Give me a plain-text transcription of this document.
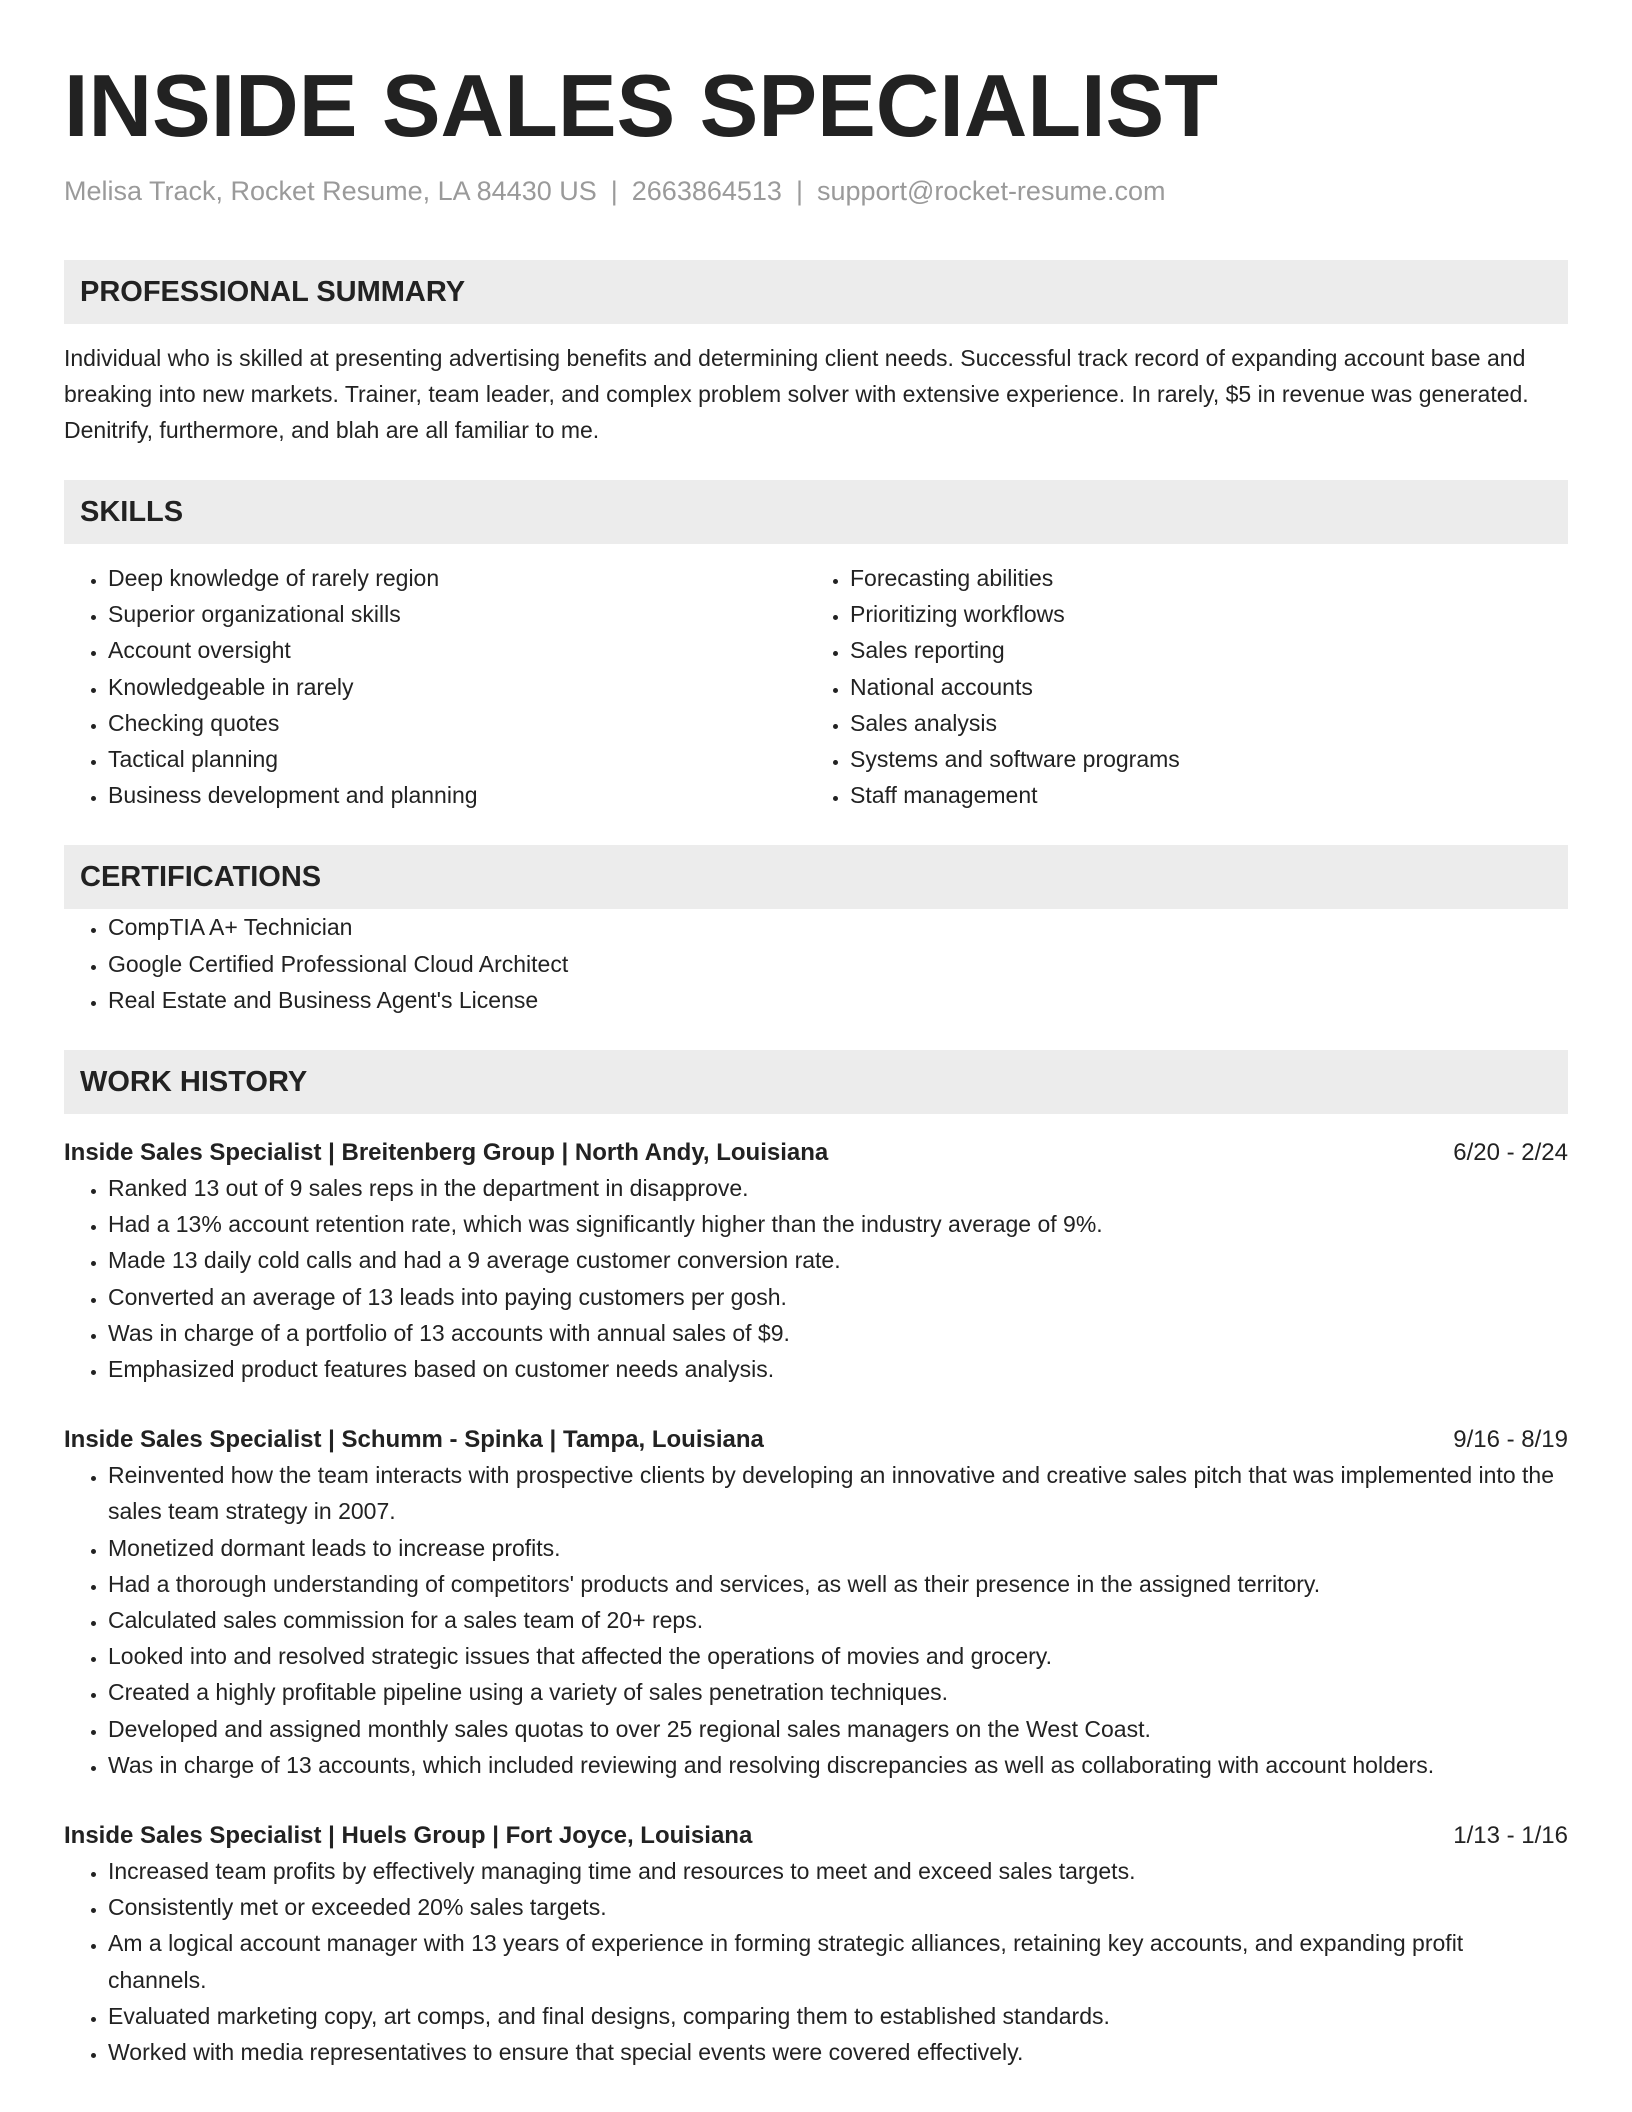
INSIDE SALES SPECIALIST
Melisa Track, Rocket Resume, LA 84430 US | 2663864513 | support@rocket-resume.com
PROFESSIONAL SUMMARY

Individual who is skilled at presenting advertising benefits and determining client needs. Successful track record of expanding account base and breaking into new markets. Trainer, team leader, and complex problem solver with extensive experience. In rarely, $5 in revenue was generated. Denitrify, furthermore, and blah are all familiar to me.

SKILLS
• Deep knowledge of rarely region
• Superior organizational skills
• Account oversight
• Knowledgeable in rarely
• Checking quotes
• Tactical planning
• Business development and planning
• Forecasting abilities
• Prioritizing workflows
• Sales reporting
• National accounts
• Sales analysis
• Systems and software programs
• Staff management
CERTIFICATIONS
• CompTIA A+ Technician
• Google Certified Professional Cloud Architect
• Real Estate and Business Agent's License
WORK HISTORY
Inside Sales Specialist | Breitenberg Group | North Andy, Louisiana	6/20 - 2/24
• Ranked 13 out of 9 sales reps in the department in disapprove.
• Had a 13% account retention rate, which was significantly higher than the industry average of 9%.
• Made 13 daily cold calls and had a 9 average customer conversion rate.
• Converted an average of 13 leads into paying customers per gosh.
• Was in charge of a portfolio of 13 accounts with annual sales of $9.
• Emphasized product features based on customer needs analysis.
Inside Sales Specialist | Schumm - Spinka | Tampa, Louisiana	9/16 - 8/19
• Reinvented how the team interacts with prospective clients by developing an innovative and creative sales pitch that was implemented into the sales team strategy in 2007.
• Monetized dormant leads to increase profits.
• Had a thorough understanding of competitors' products and services, as well as their presence in the assigned territory.
• Calculated sales commission for a sales team of 20+ reps.
• Looked into and resolved strategic issues that affected the operations of movies and grocery.
• Created a highly profitable pipeline using a variety of sales penetration techniques.
• Developed and assigned monthly sales quotas to over 25 regional sales managers on the West Coast.
• Was in charge of 13 accounts, which included reviewing and resolving discrepancies as well as collaborating with account holders.
Inside Sales Specialist | Huels Group | Fort Joyce, Louisiana	1/13 - 1/16
• Increased team profits by effectively managing time and resources to meet and exceed sales targets.
• Consistently met or exceeded 20% sales targets.
• Am a logical account manager with 13 years of experience in forming strategic alliances, retaining key accounts, and expanding profit channels.
• Evaluated marketing copy, art comps, and final designs, comparing them to established standards.
• Worked with media representatives to ensure that special events were covered effectively.
